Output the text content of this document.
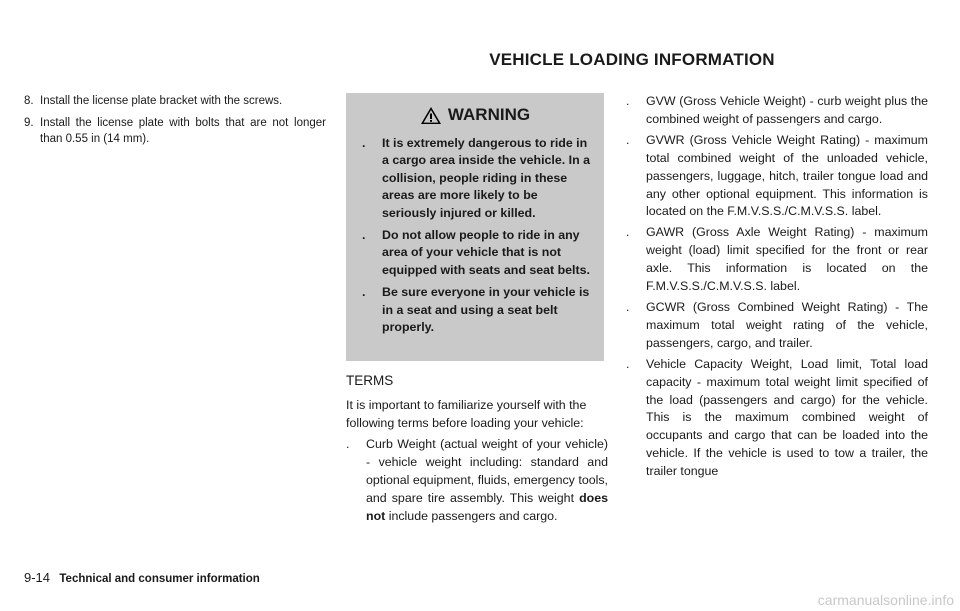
VEHICLE LOADING INFORMATION
8. Install the license plate bracket with the screws.
9. Install the license plate with bolts that are not longer than 0.55 in (14 mm).
WARNING
.	It is extremely dangerous to ride in a cargo area inside the vehicle. In a collision, people riding in these areas are more likely to be seriously injured or killed.
.	Do not allow people to ride in any area of your vehicle that is not equipped with seats and seat belts.
.	Be sure everyone in your vehicle is in a seat and using a seat belt properly.
TERMS
It is important to familiarize yourself with the following terms before loading your vehicle:
.	Curb Weight (actual weight of your vehicle) - vehicle weight including: standard and optional equipment, fluids, emergency tools, and spare tire assembly. This weight does not include passengers and cargo.
.	GVW (Gross Vehicle Weight) - curb weight plus the combined weight of passengers and cargo.
.	GVWR (Gross Vehicle Weight Rating) - maximum total combined weight of the unloaded vehicle, passengers, luggage, hitch, trailer tongue load and any other optional equipment. This information is located on the F.M.V.S.S./C.M.V.S.S. label.
.	GAWR (Gross Axle Weight Rating) - maximum weight (load) limit specified for the front or rear axle. This information is located on the F.M.V.S.S./C.M.V.S.S. label.
.	GCWR (Gross Combined Weight Rating) - The maximum total weight rating of the vehicle, passengers, cargo, and trailer.
.	Vehicle Capacity Weight, Load limit, Total load capacity - maximum total weight limit specified of the load (passengers and cargo) for the vehicle. This is the maximum combined weight of occupants and cargo that can be loaded into the vehicle. If the vehicle is used to tow a trailer, the trailer tongue
9-14 Technical and consumer information
carmanualsonline.info
